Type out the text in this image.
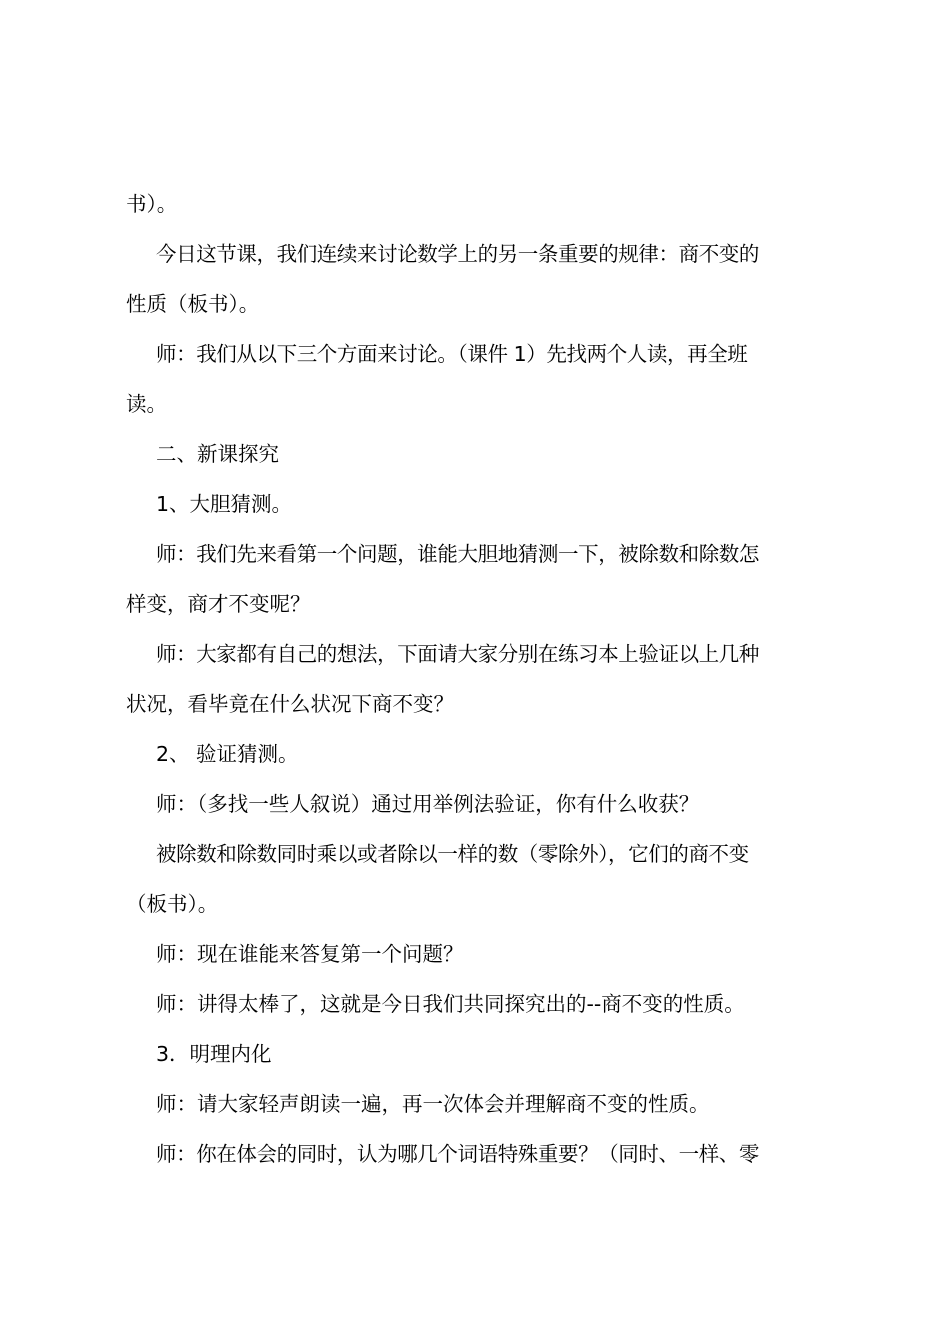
书）。

今日这节课，我们连续来讨论数学上的另一条重要的规律：商不变的

性质（板书）。

师：我们从以下三个方面来讨论。（课件 1）先找两个人读，再全班

读。

二、新课探究

1、大胆猜测。

师：我们先来看第一个问题，谁能大胆地猜测一下，被除数和除数怎

样变，商才不变呢？

师：大家都有自己的想法，下面请大家分别在练习本上验证以上几种

状况，看毕竟在什么状况下商不变？

2、 验证猜测。

师：（多找一些人叙说）通过用举例法验证，你有什么收获？

被除数和除数同时乘以或者除以一样的数（零除外），它们的商不变

（板书）。

师：现在谁能来答复第一个问题？

师：讲得太棒了，这就是今日我们共同探究出的--商不变的性质。

3．明理内化

师：请大家轻声朗读一遍，再一次体会并理解商不变的性质。

师：你在体会的同时，认为哪几个词语特殊重要？（同时、一样、零
